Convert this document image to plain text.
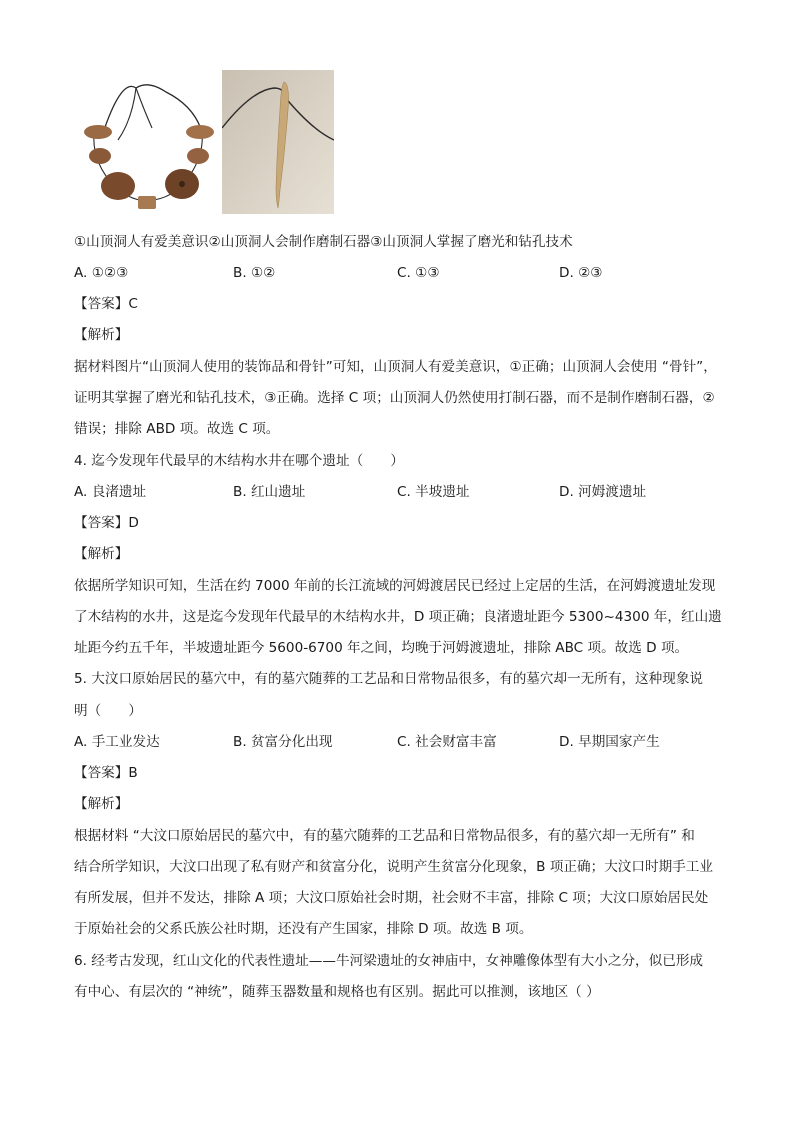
①山顶洞人有爱美意识②山顶洞人会制作磨制石器③山顶洞人掌握了磨光和钻孔技术
A. ①②③	B. ①②	C. ①③	D. ②③
【答案】C
【解析】
据材料图片“山顶洞人使用的装饰品和骨针”可知，山顶洞人有爱美意识，①正确；山顶洞人会使用 “骨针”，
证明其掌握了磨光和钻孔技术，③正确。选择 C 项；山顶洞人仍然使用打制石器，而不是制作磨制石器，②
错误；排除 ABD 项。故选 C 项。
4. 迄今发现年代最早的木结构水井在哪个遗址（　　）
A. 良渚遗址	B. 红山遗址	C. 半坡遗址	D. 河姆渡遗址
【答案】D
【解析】
依据所学知识可知，生活在约 7000 年前的长江流域的河姆渡居民已经过上定居的生活，在河姆渡遗址发现
了木结构的水井，这是迄今发现年代最早的木结构水井，D 项正确；良渚遗址距今 5300~4300 年，红山遗
址距今约五千年，半坡遗址距今 5600-6700 年之间，均晚于河姆渡遗址，排除 ABC 项。故选 D 项。
5. 大汶口原始居民的墓穴中，有的墓穴随葬的工艺品和日常物品很多，有的墓穴却一无所有，这种现象说
明（　　）
A. 手工业发达	B. 贫富分化出现	C. 社会财富丰富	D. 早期国家产生
【答案】B
【解析】
根据材料 “大汶口原始居民的墓穴中，有的墓穴随葬的工艺品和日常物品很多，有的墓穴却一无所有” 和
结合所学知识，大汶口出现了私有财产和贫富分化，说明产生贫富分化现象，B 项正确；大汶口时期手工业
有所发展，但并不发达，排除 A 项；大汶口原始社会时期，社会财不丰富，排除 C 项；大汶口原始居民处
于原始社会的父系氏族公社时期，还没有产生国家，排除 D 项。故选 B 项。
6. 经考古发现，红山文化的代表性遗址——牛河梁遗址的女神庙中，女神雕像体型有大小之分，似已形成
有中心、有层次的 “神统”，随葬玉器数量和规格也有区别。据此可以推测，该地区（ ）
